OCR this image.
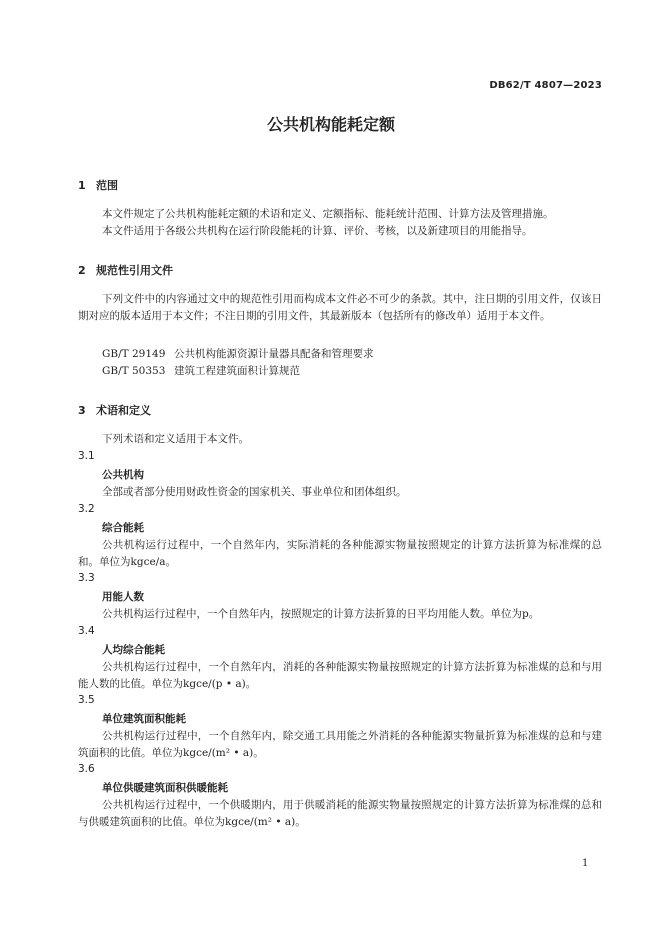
DB62/T 4807—2023
公共机构能耗定额
1 范围
本文件规定了公共机构能耗定额的术语和定义、定额指标、能耗统计范围、计算方法及管理措施。
本文件适用于各级公共机构在运行阶段能耗的计算、评价、考核，以及新建项目的用能指导。
2 规范性引用文件
下列文件中的内容通过文中的规范性引用而构成本文件必不可少的条款。其中，注日期的引用文件，仅该日期对应的版本适用于本文件；不注日期的引用文件，其最新版本（包括所有的修改单）适用于本文件。
GB/T 29149 公共机构能源资源计量器具配备和管理要求
GB/T 50353 建筑工程建筑面积计算规范
3 术语和定义
下列术语和定义适用于本文件。
3.1
公共机构
全部或者部分使用财政性资金的国家机关、事业单位和团体组织。
3.2
综合能耗
公共机构运行过程中，一个自然年内，实际消耗的各种能源实物量按照规定的计算方法折算为标准煤的总和。单位为kgce/a。
3.3
用能人数
公共机构运行过程中，一个自然年内，按照规定的计算方法折算的日平均用能人数。单位为p。
3.4
人均综合能耗
公共机构运行过程中，一个自然年内，消耗的各种能源实物量按照规定的计算方法折算为标准煤的总和与用能人数的比值。单位为kgce/(p • a)。
3.5
单位建筑面积能耗
公共机构运行过程中，一个自然年内，除交通工具用能之外消耗的各种能源实物量折算为标准煤的总和与建筑面积的比值。单位为kgce/(m² • a)。
3.6
单位供暖建筑面积供暖能耗
公共机构运行过程中，一个供暖期内，用于供暖消耗的能源实物量按照规定的计算方法折算为标准煤的总和与供暖建筑面积的比值。单位为kgce/(m² • a)。
1
